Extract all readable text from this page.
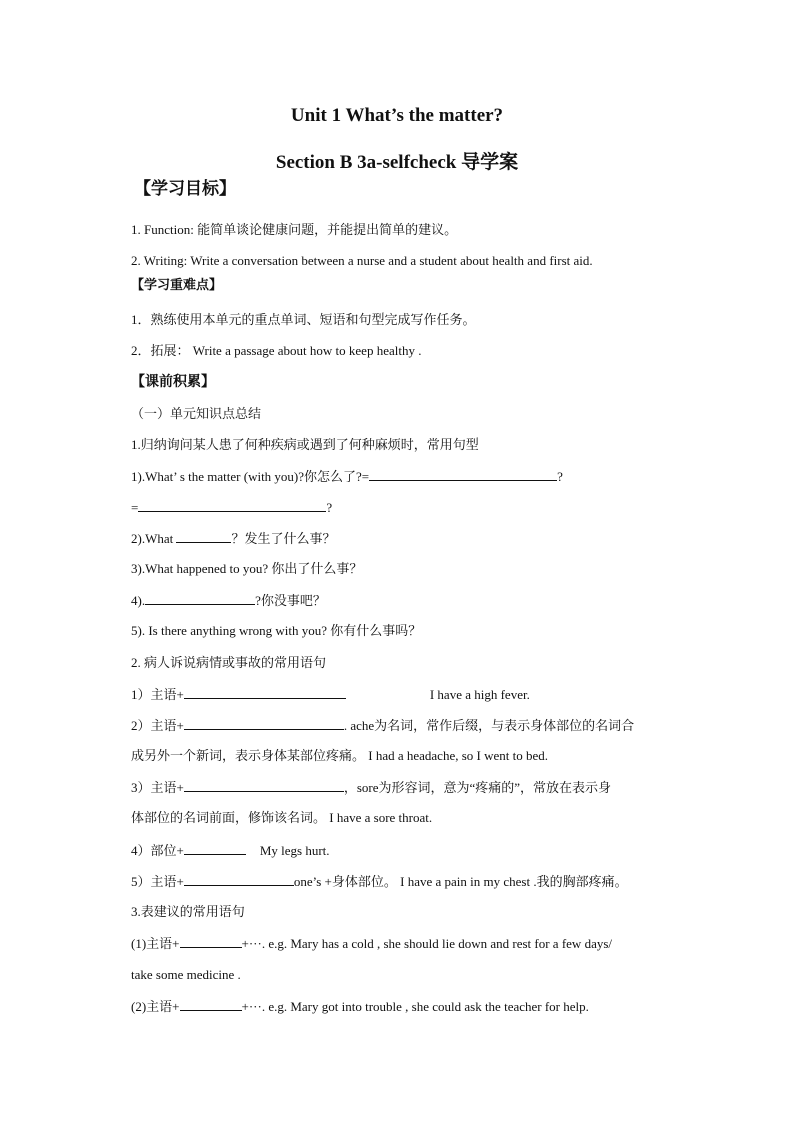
Unit 1 What’s the matter?
Section B 3a-selfcheck 导学案
【学习目标】
1. Function: 能简单谈论健康问题，并能提出简单的建议。
2. Writing: Write a conversation between a nurse and a student about health and first aid.
【学习重难点】
1．熟练使用本单元的重点单词、短语和句型完成写作任务。
2．拓展： Write a passage about how to keep healthy .
【课前积累】
（一）单元知识点总结
1.归纳询问某人患了何种疾病或遇到了何种麻烦时，常用句型
1).What’ s the matter (with you)?你怎么了?=	?
=	?
2).What	？发生了什么事？
3).What happened to you? 你出了什么事？
4).	?你没事吧？
5). Is there anything wrong with you? 你有什么事吗？
2. 病人诉说病情或事故的常用语句
1）主语+	I have a high fever.
2）主语+	. ache为名词，常作后缀，与表示身体部位的名词合
成另外一个新词，表示身体某部位疼痛。 I had a headache, so I went to bed.
3）主语+	，sore为形容词，意为“疼痛的”，常放在表示身
体部位的名词前面，修饰该名词。 I have a sore throat.
4）部位+	My legs hurt.
5）主语+	one’s +身体部位。 I have a pain in my chest .我的胸部疼痛。
3.表建议的常用语句
(1)主语+	+···. e.g. Mary has a cold , she should lie down and rest for a few days/
take some medicine .
(2)主语+	+···. e.g. Mary got into trouble , she could ask the teacher for help.
